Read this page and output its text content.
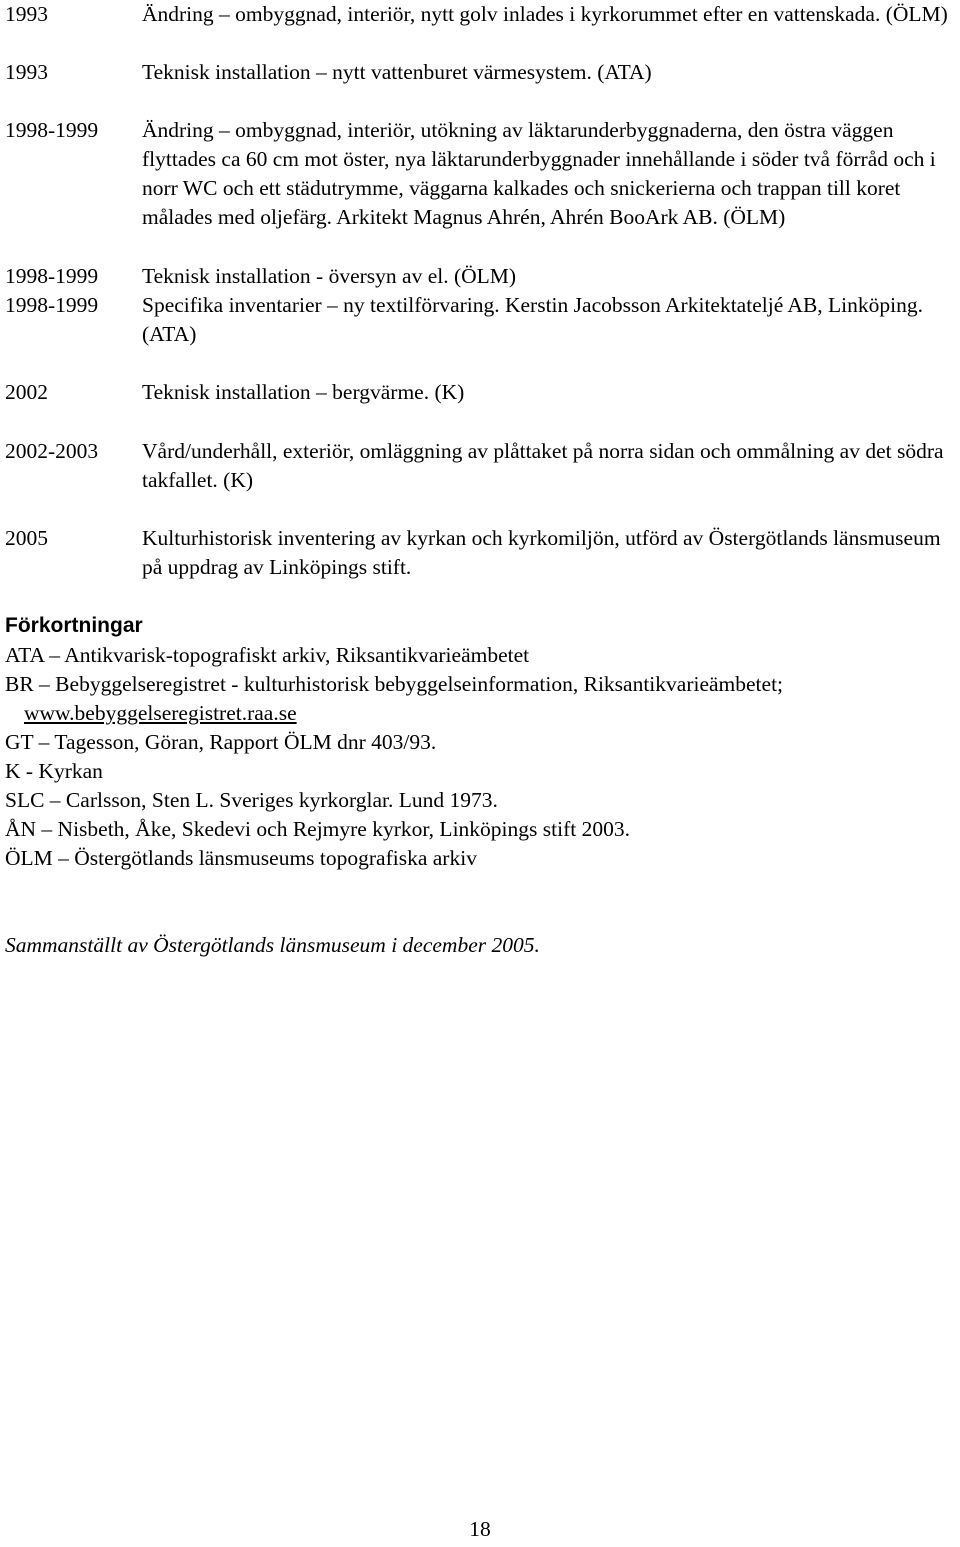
1993	Ändring – ombyggnad, interiör, nytt golv inlades i kyrkorummet efter en vattenskada. (ÖLM)
1993	Teknisk installation – nytt vattenburet värmesystem. (ATA)
1998-1999	Ändring – ombyggnad, interiör, utökning av läktarunderbyggnaderna, den östra väggen flyttades ca 60 cm mot öster, nya läktarunderbyggnader innehållande i söder två förråd och i norr WC och ett städutrymme, väggarna kalkades och snickerierna och trappan till koret målades med oljefärg. Arkitekt Magnus Ahrén, Ahrén BooArk AB. (ÖLM)
1998-1999	Teknisk installation - översyn av el. (ÖLM)
1998-1999	Specifika inventarier – ny textilförvaring. Kerstin Jacobsson Arkitektateljé AB, Linköping. (ATA)
2002	Teknisk installation – bergvärme. (K)
2002-2003	Vård/underhåll, exteriör, omläggning av plåttaket på norra sidan och ommålning av det södra takfallet. (K)
2005	Kulturhistorisk inventering av kyrkan och kyrkomiljön, utförd av Östergötlands länsmuseum på uppdrag av Linköpings stift.
Förkortningar
ATA – Antikvarisk-topografiskt arkiv, Riksantikvarieämbetet
BR – Bebyggelseregistret - kulturhistorisk bebyggelseinformation, Riksantikvarieämbetet;
www.bebyggelseregistret.raa.se
GT – Tagesson, Göran, Rapport ÖLM dnr 403/93.
K - Kyrkan
SLC – Carlsson, Sten L. Sveriges kyrkorglar. Lund 1973.
ÅN – Nisbeth, Åke, Skedevi och Rejmyre kyrkor, Linköpings stift 2003.
ÖLM – Östergötlands länsmuseums topografiska arkiv
Sammanställt av Östergötlands länsmuseum i december 2005.
18
